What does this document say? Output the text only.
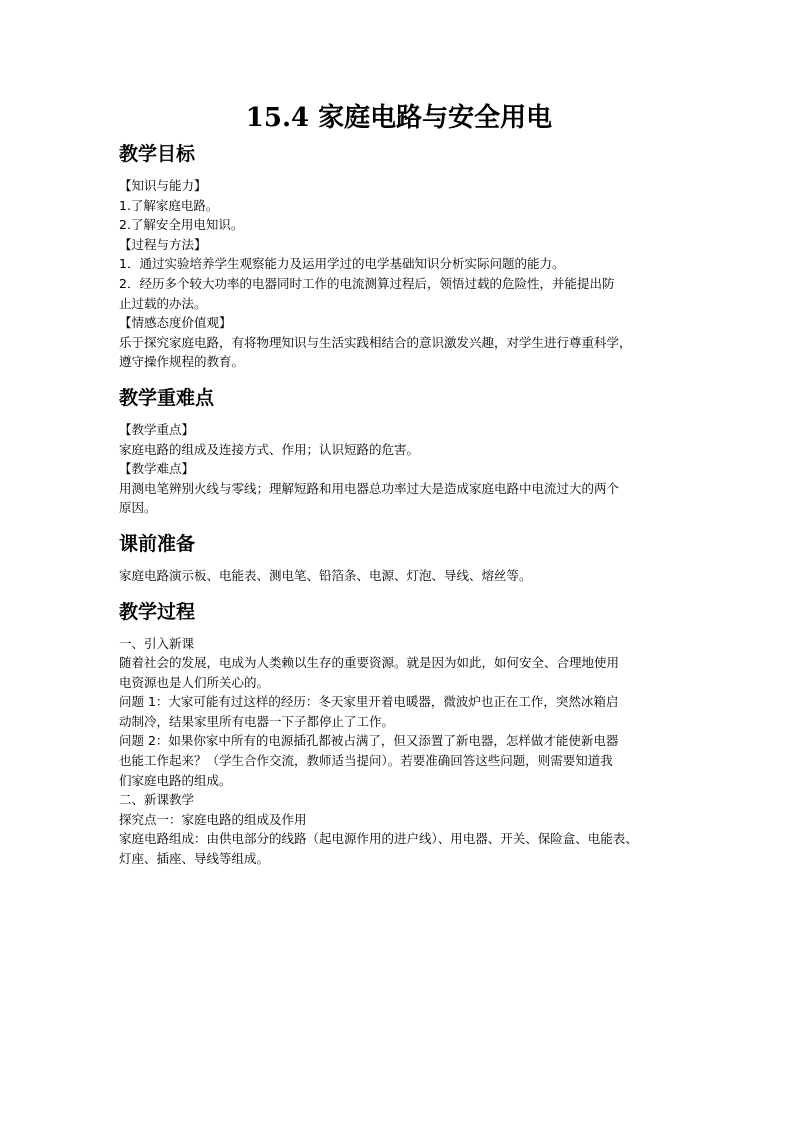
15.4 家庭电路与安全用电
教学目标

【知识与能力】

1.了解家庭电路。

2.了解安全用电知识。

【过程与方法】

1．通过实验培养学生观察能力及运用学过的电学基础知识分析实际问题的能力。

2．经历多个较大功率的电器同时工作的电流测算过程后，领悟过载的危险性，并能提出防

止过载的办法。

【情感态度价值观】

乐于探究家庭电路，有将物理知识与生活实践相结合的意识激发兴趣，对学生进行尊重科学，

遵守操作规程的教育。

教学重难点

【教学重点】

家庭电路的组成及连接方式、作用；认识短路的危害。

【教学难点】

用测电笔辨别火线与零线；理解短路和用电器总功率过大是造成家庭电路中电流过大的两个

原因。

课前准备

家庭电路演示板、电能表、测电笔、铅箔条、电源、灯泡、导线、熔丝等。

教学过程

一、引入新课

随着社会的发展，电成为人类赖以生存的重要资源。就是因为如此，如何安全、合理地使用

电资源也是人们所关心的。

问题 1：大家可能有过这样的经历：冬天家里开着电暖器，微波炉也正在工作，突然冰箱启

动制冷，结果家里所有电器一下子都停止了工作。

问题 2：如果你家中所有的电源插孔都被占满了，但又添置了新电器，怎样做才能使新电器

也能工作起来？（学生合作交流，教师适当提问）。若要准确回答这些问题，则需要知道我

们家庭电路的组成。

二、新课教学

探究点一：家庭电路的组成及作用

家庭电路组成：由供电部分的线路（起电源作用的进户线）、用电器、开关、保险盒、电能表、

灯座、插座、导线等组成。
